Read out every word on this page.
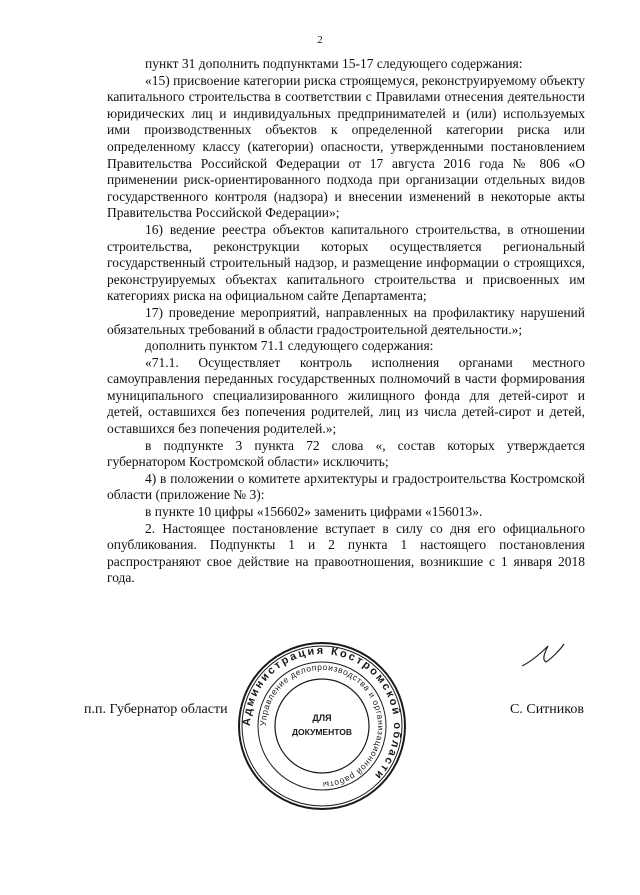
2

пункт 31 дополнить подпунктами 15-17 следующего содержания:

«15) присвоение категории риска строящемуся, реконструируемому объекту капитального строительства в соответствии с Правилами отнесения деятельности юридических лиц и индивидуальных предпринимателей и (или) используемых ими производственных объектов к определенной категории риска или определенному классу (категории) опасности, утвержденными постановлением Правительства Российской Федерации от 17 августа 2016 года № 806 «О применении риск-ориентированного подхода при организации отдельных видов государственного контроля (надзора) и внесении изменений в некоторые акты Правительства Российской Федерации»;

16) ведение реестра объектов капитального строительства, в отношении строительства, реконструкции которых осуществляется региональный государственный строительный надзор, и размещение информации о строящихся, реконструируемых объектах капитального строительства и присвоенных им категориях риска на официальном сайте Департамента;

17) проведение мероприятий, направленных на профилактику нарушений обязательных требований в области градостроительной деятельности.»;

дополнить пунктом 71.1 следующего содержания:

«71.1. Осуществляет контроль исполнения органами местного самоуправления переданных государственных полномочий в части формирования муниципального специализированного жилищного фонда для детей-сирот и детей, оставшихся без попечения родителей, лиц из числа детей-сирот и детей, оставшихся без попечения родителей.»;

в подпункте 3 пункта 72 слова «, состав которых утверждается губернатором Костромской области» исключить;

4) в положении о комитете архитектуры и градостроительства Костромской области (приложение № 3):

в пункте 10 цифры «156602» заменить цифрами «156013».

2. Настоящее постановление вступает в силу со дня его официального опубликования. Подпункты 1 и 2 пункта 1 настоящего постановления распространяют свое действие на правоотношения, возникшие с 1 января 2018 года.

п.п. Губернатор области	С. Ситников
Администрация Костромской области
Управление делопроизводства и организационной работы
ДЛЯ
ДОКУМЕНТОВ
